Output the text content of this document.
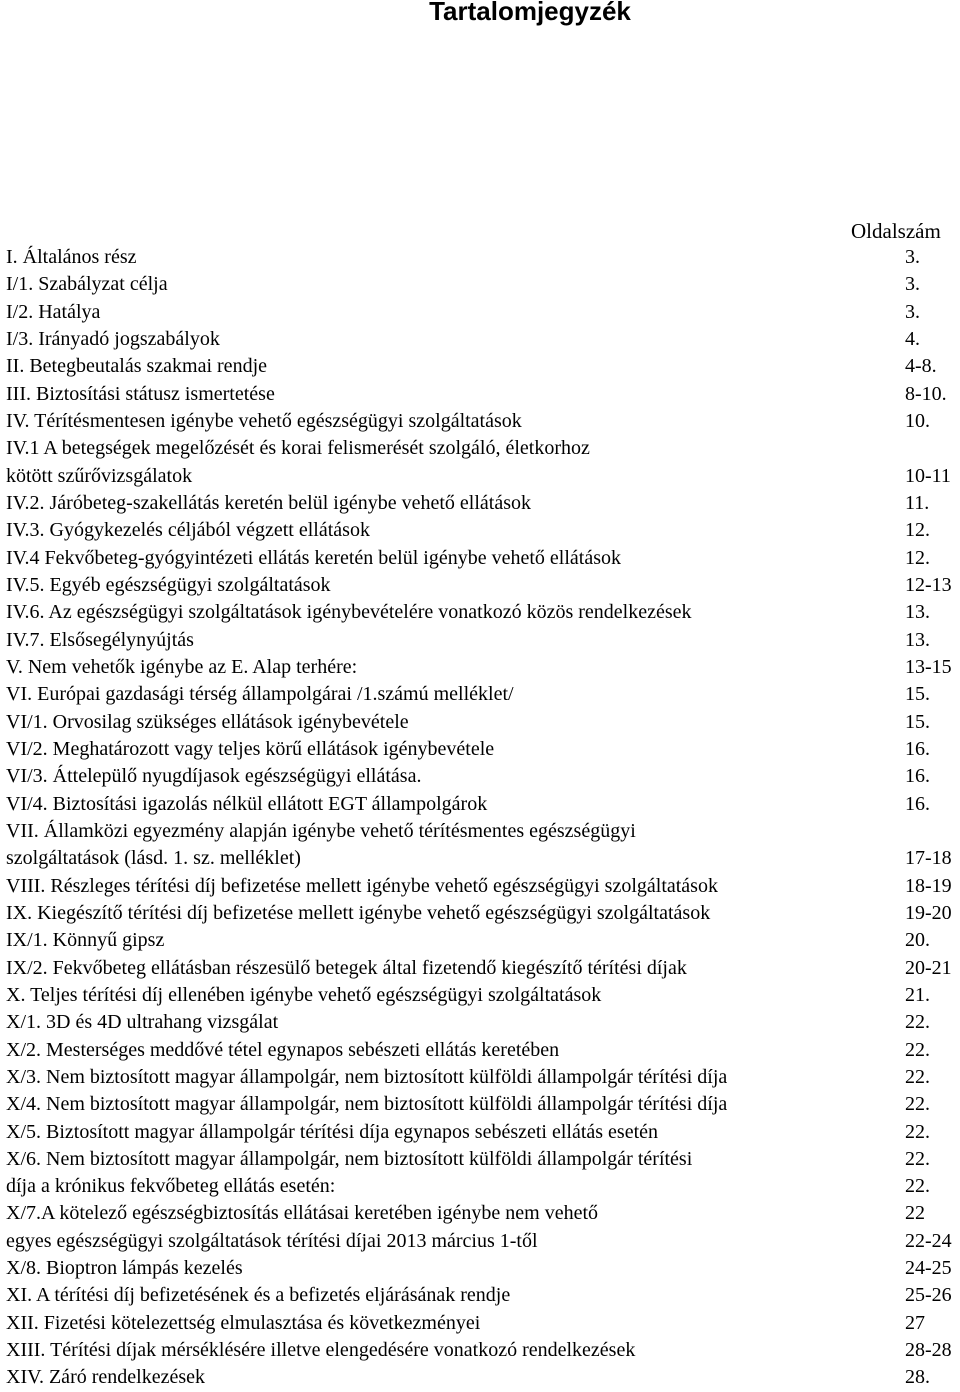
Tartalomjegyzék
Oldalszám
I. Általános rész	3.
I/1. Szabályzat célja	3.
I/2. Hatálya	3.
I/3. Irányadó jogszabályok	4.
II. Betegbeutalás szakmai rendje	4-8.
III. Biztosítási státusz ismertetése	8-10.
IV. Térítésmentesen igénybe vehető egészségügyi szolgáltatások	10.
IV.1 A betegségek megelőzését és korai felismerését szolgáló, életkorhoz
kötött szűrővizsgálatok	10-11
IV.2. Járóbeteg-szakellátás keretén belül igénybe vehető ellátások	11.
IV.3. Gyógykezelés céljából végzett ellátások	12.
IV.4 Fekvőbeteg-gyógyintézeti ellátás keretén belül igénybe vehető ellátások	12.
IV.5. Egyéb egészségügyi szolgáltatások	12-13
IV.6. Az egészségügyi szolgáltatások igénybevételére vonatkozó közös rendelkezések	13.
IV.7. Elsősegélynyújtás	13.
V. Nem vehetők igénybe az E. Alap terhére:	13-15
VI. Európai gazdasági térség állampolgárai /1.számú melléklet/	15.
VI/1. Orvosilag szükséges ellátások igénybevétele	15.
VI/2. Meghatározott vagy teljes körű ellátások igénybevétele	16.
VI/3. Áttelepülő nyugdíjasok egészségügyi ellátása.	16.
VI/4. Biztosítási igazolás nélkül ellátott EGT állampolgárok	16.
VII. Államközi egyezmény alapján igénybe vehető térítésmentes egészségügyi
szolgáltatások (lásd. 1. sz. melléklet)	17-18
VIII. Részleges térítési díj befizetése mellett igénybe vehető egészségügyi szolgáltatások	18-19
IX. Kiegészítő térítési díj befizetése mellett igénybe vehető egészségügyi szolgáltatások	19-20
IX/1. Könnyű gipsz	20.
IX/2. Fekvőbeteg ellátásban részesülő betegek által fizetendő kiegészítő térítési díjak	20-21
X. Teljes térítési díj ellenében igénybe vehető egészségügyi szolgáltatások	21.
X/1. 3D és 4D ultrahang vizsgálat	22.
X/2. Mesterséges meddővé tétel egynapos sebészeti ellátás keretében	22.
X/3. Nem biztosított magyar állampolgár, nem biztosított külföldi állampolgár térítési díja	22.
X/4. Nem biztosított magyar állampolgár, nem biztosított külföldi állampolgár térítési díja	22.
X/5. Biztosított magyar állampolgár térítési díja egynapos sebészeti ellátás esetén	22.
X/6. Nem biztosított magyar állampolgár, nem biztosított külföldi állampolgár térítési	22.
díja a krónikus fekvőbeteg ellátás esetén:	22.
X/7.A kötelező egészségbiztosítás ellátásai keretében igénybe nem vehető	22
egyes egészségügyi szolgáltatások térítési díjai 2013 március 1-től	22-24
X/8. Bioptron lámpás kezelés	24-25
XI. A térítési díj befizetésének és a befizetés eljárásának rendje	25-26
XII. Fizetési kötelezettség elmulasztása és következményei	27
XIII. Térítési díjak mérséklésére illetve elengedésére vonatkozó rendelkezések	28-28
XIV. Záró rendelkezések	28.
